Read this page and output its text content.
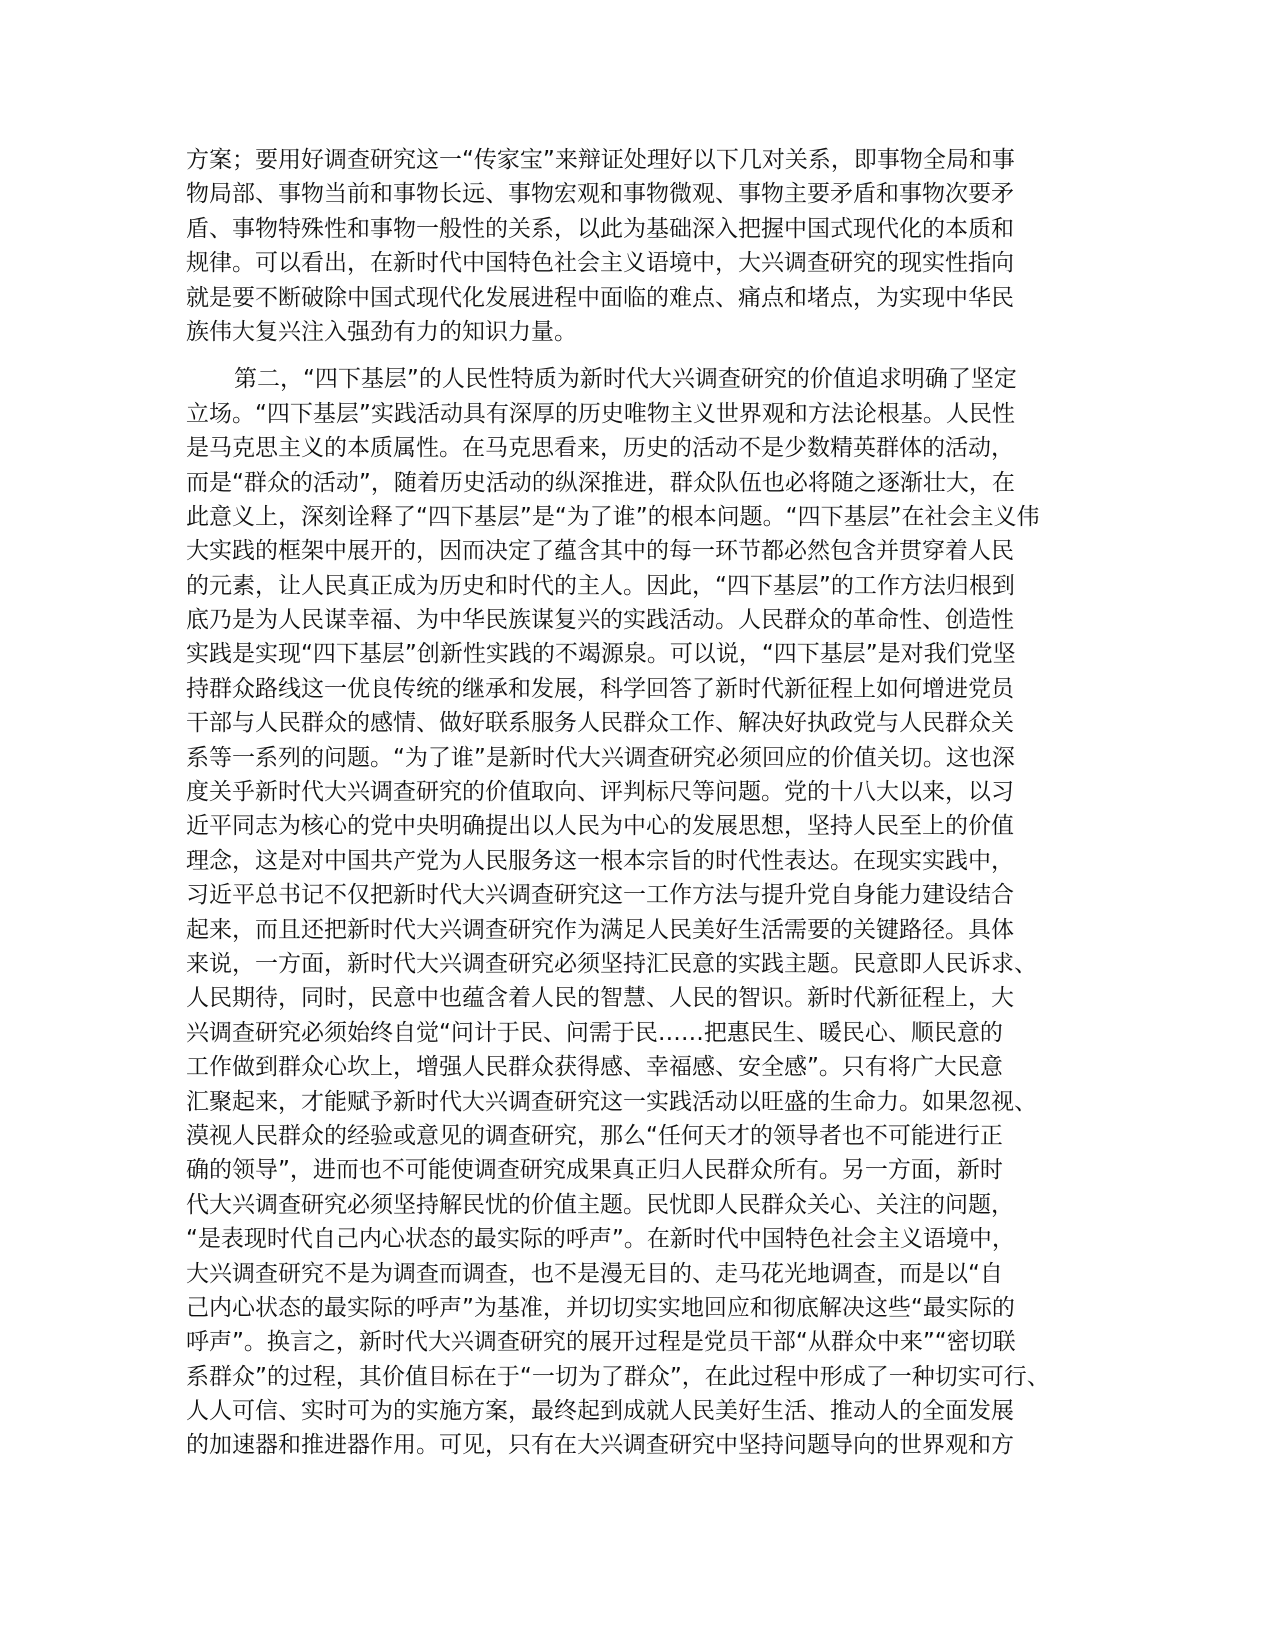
方案；要用好调查研究这一“传家宝”来辩证处理好以下几对关系，即事物全局和事
物局部、事物当前和事物长远、事物宏观和事物微观、事物主要矛盾和事物次要矛
盾、事物特殊性和事物一般性的关系，以此为基础深入把握中国式现代化的本质和
规律。可以看出，在新时代中国特色社会主义语境中，大兴调查研究的现实性指向
就是要不断破除中国式现代化发展进程中面临的难点、痛点和堵点，为实现中华民
族伟大复兴注入强劲有力的知识力量。
第二，“四下基层”的人民性特质为新时代大兴调查研究的价值追求明确了坚定
立场。“四下基层”实践活动具有深厚的历史唯物主义世界观和方法论根基。人民性
是马克思主义的本质属性。在马克思看来，历史的活动不是少数精英群体的活动，
而是“群众的活动”，随着历史活动的纵深推进，群众队伍也必将随之逐渐壮大，在
此意义上，深刻诠释了“四下基层”是“为了谁”的根本问题。“四下基层”在社会主义伟
大实践的框架中展开的，因而决定了蕴含其中的每一环节都必然包含并贯穿着人民
的元素，让人民真正成为历史和时代的主人。因此，“四下基层”的工作方法归根到
底乃是为人民谋幸福、为中华民族谋复兴的实践活动。人民群众的革命性、创造性
实践是实现“四下基层”创新性实践的不竭源泉。可以说，“四下基层”是对我们党坚
持群众路线这一优良传统的继承和发展，科学回答了新时代新征程上如何增进党员
干部与人民群众的感情、做好联系服务人民群众工作、解决好执政党与人民群众关
系等一系列的问题。“为了谁”是新时代大兴调查研究必须回应的价值关切。这也深
度关乎新时代大兴调查研究的价值取向、评判标尺等问题。党的十八大以来，以习
近平同志为核心的党中央明确提出以人民为中心的发展思想，坚持人民至上的价值
理念，这是对中国共产党为人民服务这一根本宗旨的时代性表达。在现实实践中，
习近平总书记不仅把新时代大兴调查研究这一工作方法与提升党自身能力建设结合
起来，而且还把新时代大兴调查研究作为满足人民美好生活需要的关键路径。具体
来说，一方面，新时代大兴调查研究必须坚持汇民意的实践主题。民意即人民诉求、
人民期待，同时，民意中也蕴含着人民的智慧、人民的智识。新时代新征程上，大
兴调查研究必须始终自觉“问计于民、问需于民……把惠民生、暖民心、顺民意的
工作做到群众心坎上，增强人民群众获得感、幸福感、安全感”。只有将广大民意
汇聚起来，才能赋予新时代大兴调查研究这一实践活动以旺盛的生命力。如果忽视、
漠视人民群众的经验或意见的调查研究，那么“任何天才的领导者也不可能进行正
确的领导”，进而也不可能使调查研究成果真正归人民群众所有。另一方面，新时
代大兴调查研究必须坚持解民忧的价值主题。民忧即人民群众关心、关注的问题，
“是表现时代自己内心状态的最实际的呼声”。在新时代中国特色社会主义语境中，
大兴调查研究不是为调查而调查，也不是漫无目的、走马花光地调查，而是以“自
己内心状态的最实际的呼声”为基准，并切切实实地回应和彻底解决这些“最实际的
呼声”。换言之，新时代大兴调查研究的展开过程是党员干部“从群众中来”“密切联
系群众”的过程，其价值目标在于“一切为了群众”，在此过程中形成了一种切实可行、
人人可信、实时可为的实施方案，最终起到成就人民美好生活、推动人的全面发展
的加速器和推进器作用。可见，只有在大兴调查研究中坚持问题导向的世界观和方
